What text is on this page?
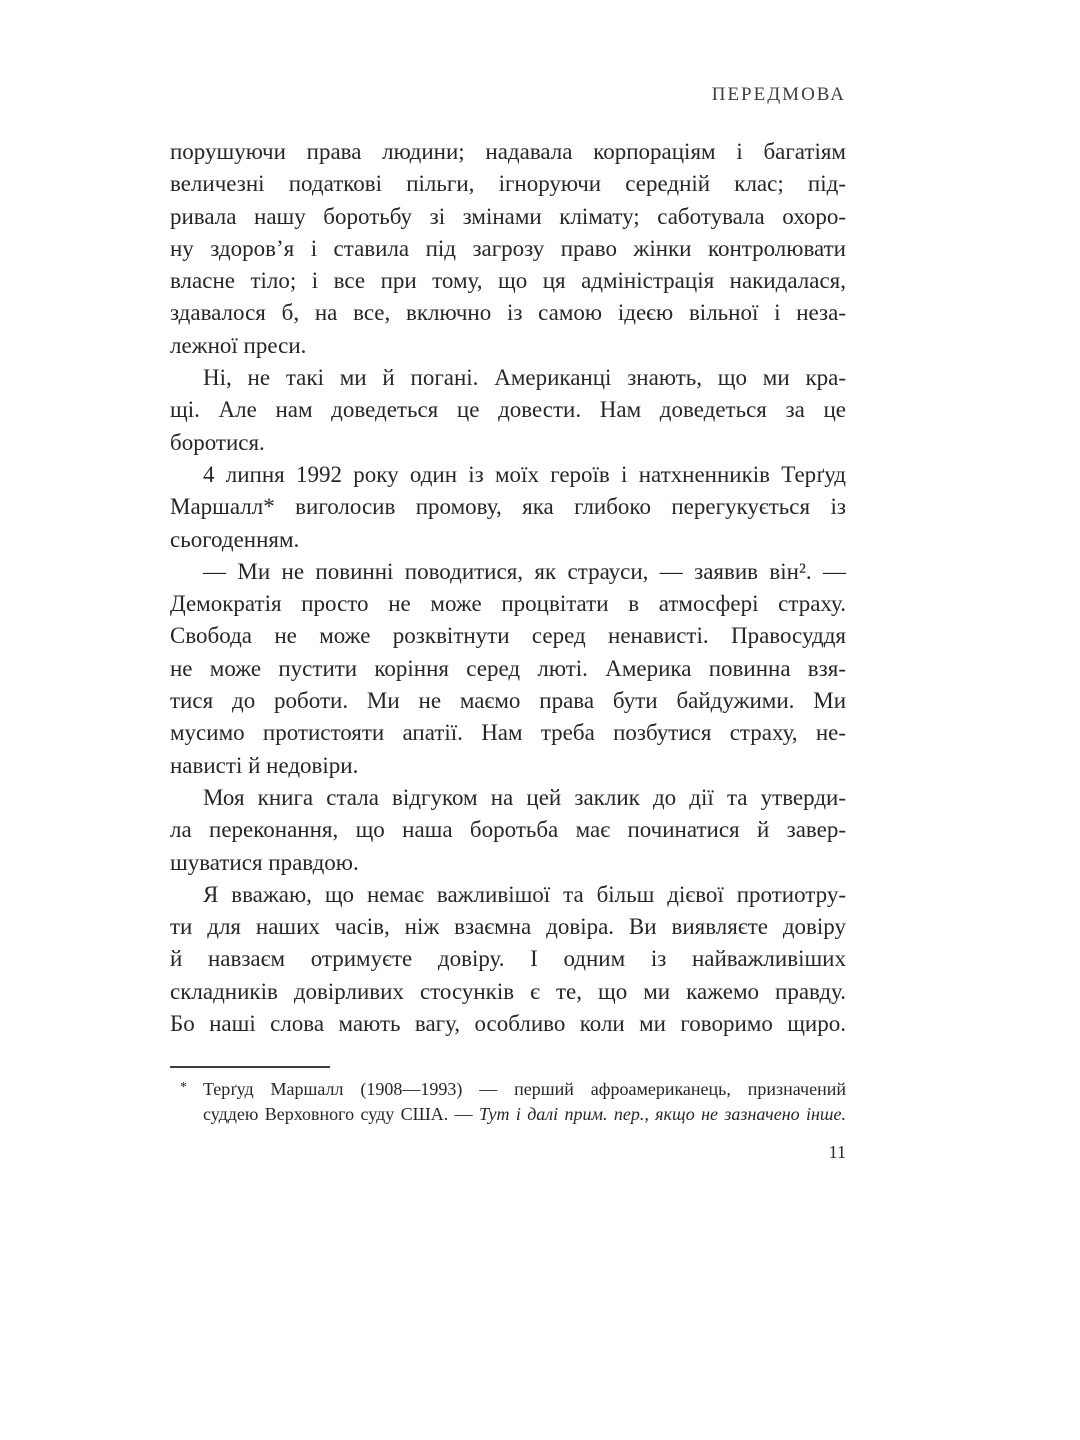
ПЕРЕДМОВА
порушуючи права людини; надавала корпораціям і багатіям
величезні податкові пільги, ігноруючи середній клас; під-
ривала нашу боротьбу зі змінами клімату; саботувала охоро-
ну здоров’я і ставила під загрозу право жінки контролювати
власне тіло; і все при тому, що ця адміністрація накидалася,
здавалося б, на все, включно із самою ідеєю вільної і неза-
лежної преси.
Ні, не такі ми й погані. Американці знають, що ми кра-
щі. Але нам доведеться це довести. Нам доведеться за це
боротися.
4 липня 1992 року один із моїх героїв і натхненників Терґуд
Маршалл* виголосив промову, яка глибоко перегукується із
сьогоденням.
— Ми не повинні поводитися, як страуси, — заявив він². —
Демократія просто не може процвітати в атмосфері страху.
Свобода не може розквітнути серед ненависті. Правосуддя
не може пустити коріння серед люті. Америка повинна взя-
тися до роботи. Ми не маємо права бути байдужими. Ми
мусимо протистояти апатії. Нам треба позбутися страху, не-
нависті й недовіри.
Моя книга стала відгуком на цей заклик до дії та утверди-
ла переконання, що наша боротьба має починатися й завер-
шуватися правдою.
Я вважаю, що немає важливішої та більш дієвої протиотру-
ти для наших часів, ніж взаємна довіра. Ви виявляєте довіру
й навзаєм отримуєте довіру. І одним із найважливіших
складників довірливих стосунків є те, що ми кажемо правду.
Бо наші слова мають вагу, особливо коли ми говоримо щиро.
* Терґуд Маршалл (1908—1993) — перший афроамериканець, призначений
суддею Верховного суду США. — Тут і далі прим. пер., якщо не зазначено інше.
11
